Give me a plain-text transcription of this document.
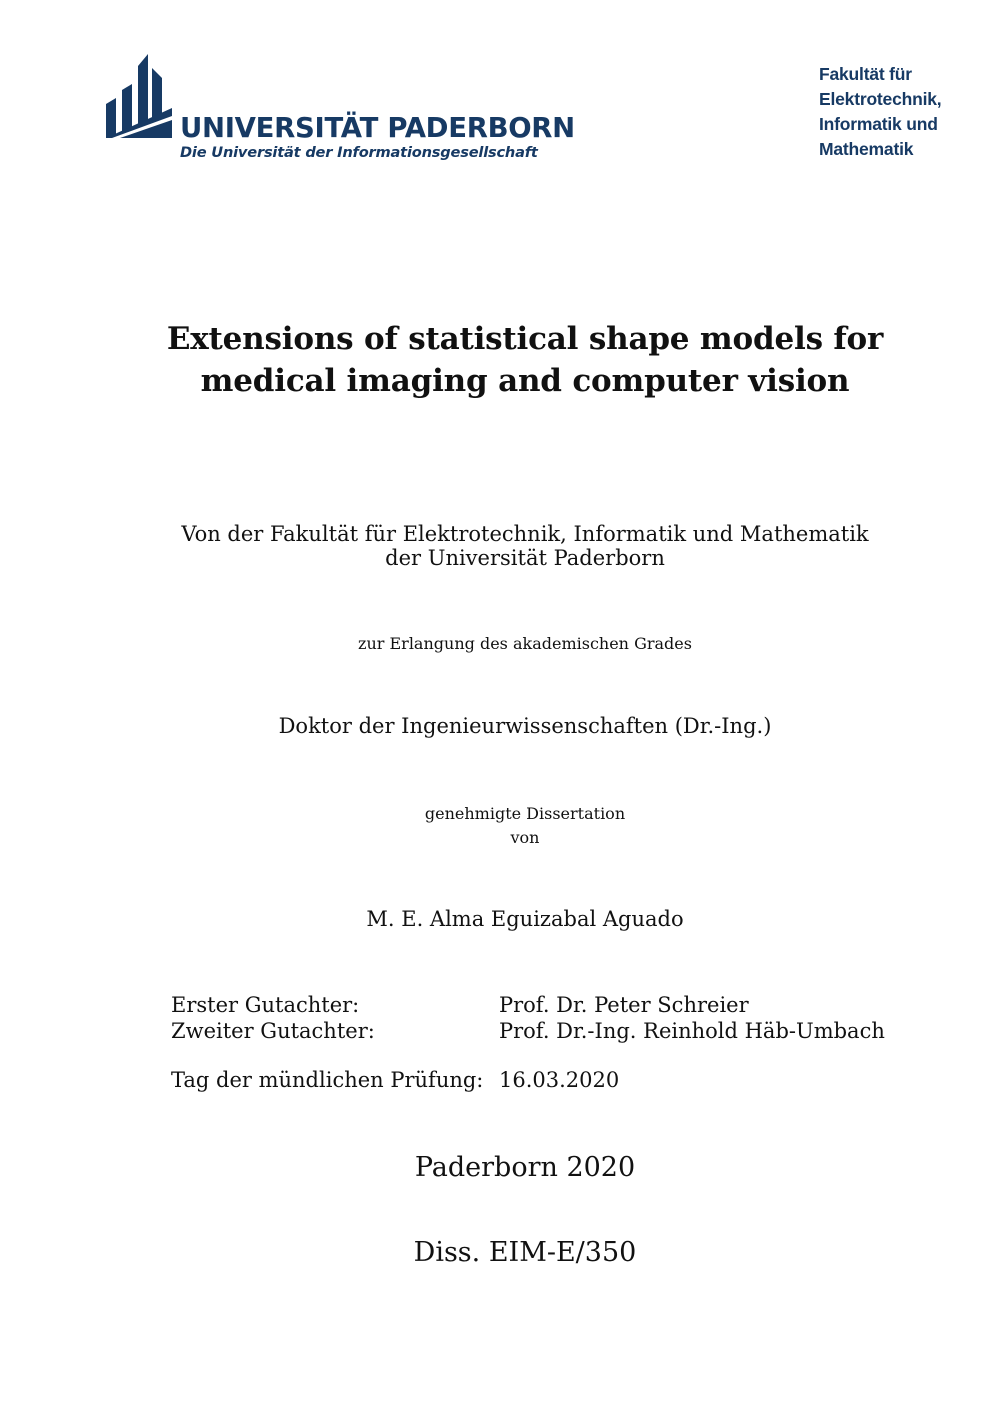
UNIVERSITÄT PADERBORN
Die Universität der Informationsgesellschaft
Fakultät für
Elektrotechnik,
Informatik und
Mathematik
Extensions of statistical shape models for
medical imaging and computer vision
Von der Fakultät für Elektrotechnik, Informatik und Mathematik
der Universität Paderborn
zur Erlangung des akademischen Grades
Doktor der Ingenieurwissenschaften (Dr.-Ing.)
genehmigte Dissertation
von
M. E. Alma Eguizabal Aguado
Erster Gutachter:	Prof. Dr. Peter Schreier
Zweiter Gutachter:	Prof. Dr.-Ing. Reinhold Häb-Umbach
Tag der mündlichen Prüfung: 16.03.2020
Paderborn 2020
Diss. EIM-E/350
